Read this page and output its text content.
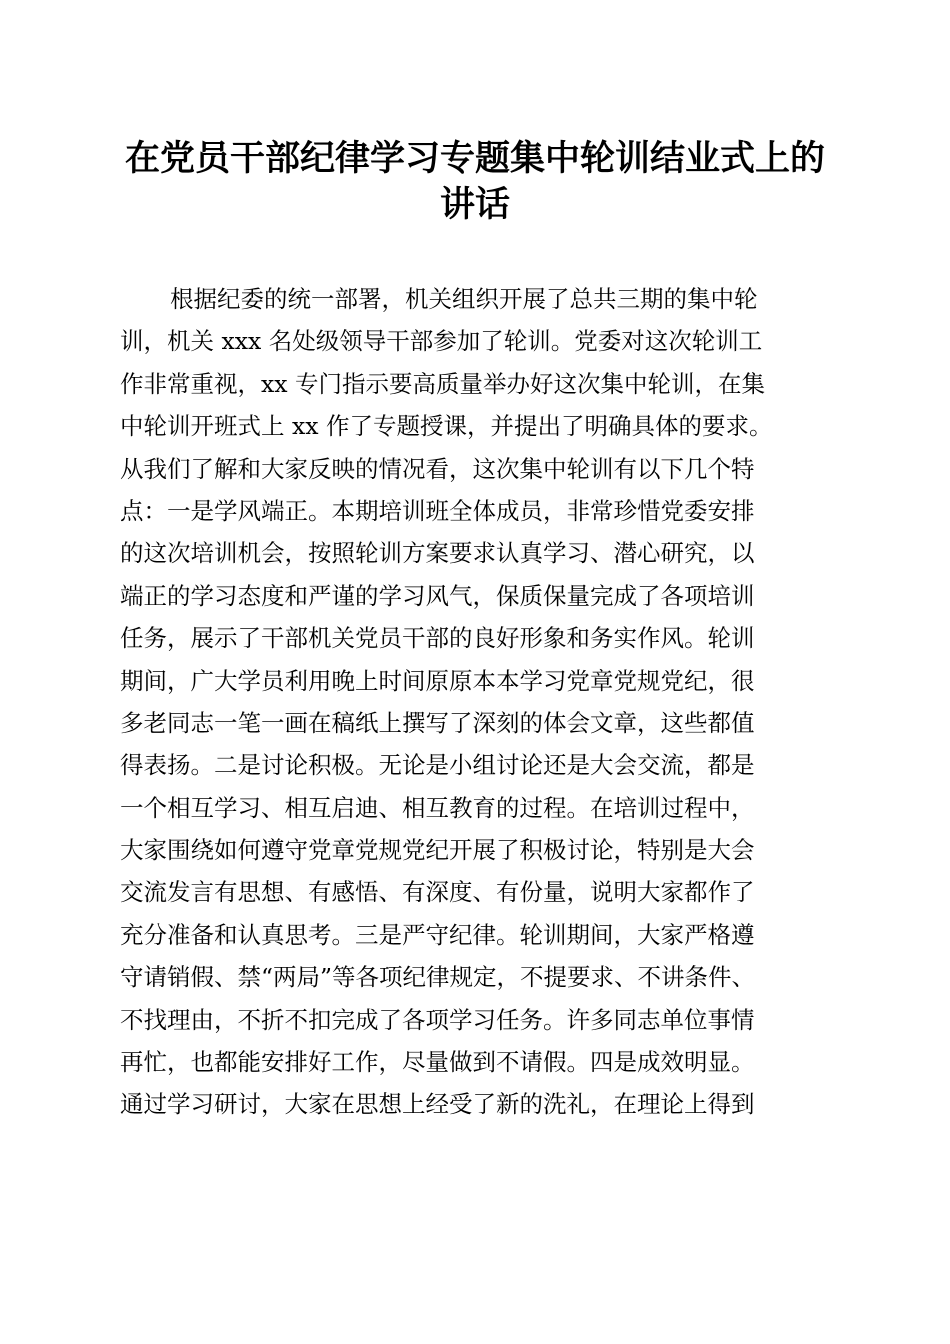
在党员干部纪律学习专题集中轮训结业式上的
讲话
根据纪委的统一部署，机关组织开展了总共三期的集中轮
训，机关 xxx 名处级领导干部参加了轮训。党委对这次轮训工
作非常重视，xx 专门指示要高质量举办好这次集中轮训，在集
中轮训开班式上 xx 作了专题授课，并提出了明确具体的要求。
从我们了解和大家反映的情况看，这次集中轮训有以下几个特
点：一是学风端正。本期培训班全体成员，非常珍惜党委安排
的这次培训机会，按照轮训方案要求认真学习、潜心研究，以
端正的学习态度和严谨的学习风气，保质保量完成了各项培训
任务，展示了干部机关党员干部的良好形象和务实作风。轮训
期间，广大学员利用晚上时间原原本本学习党章党规党纪，很
多老同志一笔一画在稿纸上撰写了深刻的体会文章，这些都值
得表扬。二是讨论积极。无论是小组讨论还是大会交流，都是
一个相互学习、相互启迪、相互教育的过程。在培训过程中，
大家围绕如何遵守党章党规党纪开展了积极讨论，特别是大会
交流发言有思想、有感悟、有深度、有份量，说明大家都作了
充分准备和认真思考。三是严守纪律。轮训期间，大家严格遵
守请销假、禁“两局”等各项纪律规定，不提要求、不讲条件、
不找理由，不折不扣完成了各项学习任务。许多同志单位事情
再忙，也都能安排好工作，尽量做到不请假。四是成效明显。
通过学习研讨，大家在思想上经受了新的洗礼，在理论上得到
